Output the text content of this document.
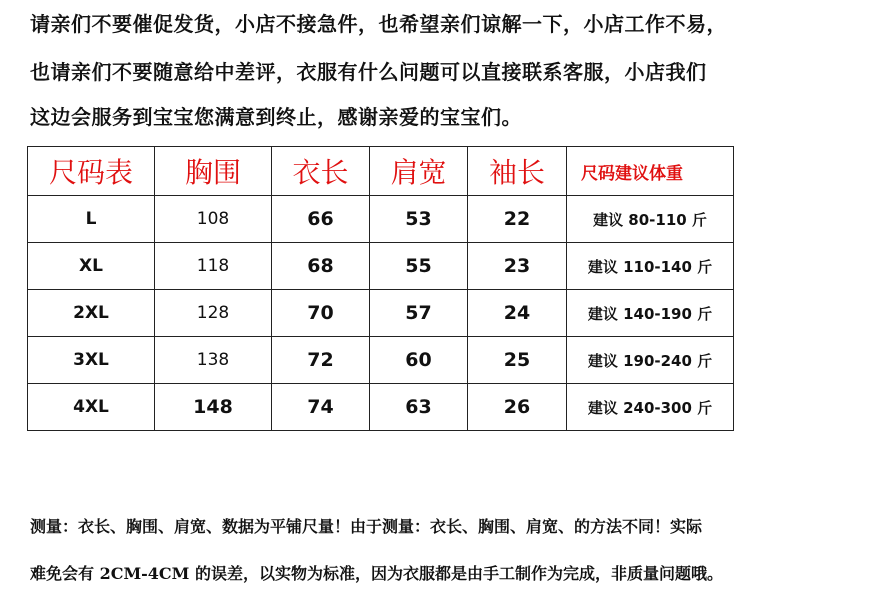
请亲们不要催促发货，小店不接急件，也希望亲们谅解一下，小店工作不易，
也请亲们不要随意给中差评，衣服有什么问题可以直接联系客服，小店我们
这边会服务到宝宝您满意到终止，感谢亲爱的宝宝们。
尺码表	胸围	衣长	肩宽	袖长	尺码建议体重
L	108	66	53	22	建议 80-110 斤
XL	118	68	55	23	建议 110-140 斤
2XL	128	70	57	24	建议 140-190 斤
3XL	138	72	60	25	建议 190-240 斤
4XL	148	74	63	26	建议 240-300 斤
测量：衣长、胸围、肩宽、数据为平铺尺量！由于测量：衣长、胸围、肩宽、的方法不同！实际
难免会有 2CM-4CM 的误差，以实物为标准，因为衣服都是由手工制作为完成，非质量问题哦。
